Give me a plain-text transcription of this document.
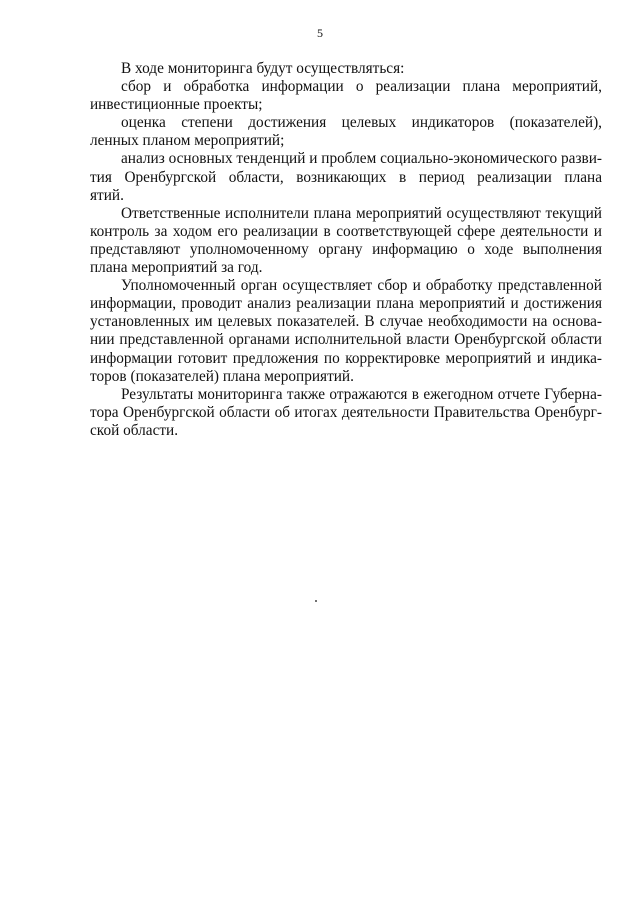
5
В ходе мониторинга будут осуществляться:
сбор и обработка информации о реализации плана мероприятий,
инвестиционные проекты;
оценка степени достижения целевых индикаторов (показателей),
ленных планом мероприятий;
анализ основных тенденций и проблем социально-экономического разви-
тия Оренбургской области, возникающих в период реализации плана
ятий.
Ответственные исполнители плана мероприятий осуществляют текущий
контроль за ходом его реализации в соответствующей сфере деятельности и
представляют уполномоченному органу информацию о ходе выполнения
плана мероприятий за год.
Уполномоченный орган осуществляет сбор и обработку представленной
информации, проводит анализ реализации плана мероприятий и достижения
установленных им целевых показателей. В случае необходимости на основа-
нии представленной органами исполнительной власти Оренбургской области
информации готовит предложения по корректировке мероприятий и индика-
торов (показателей) плана мероприятий.
Результаты мониторинга также отражаются в ежегодном отчете Губерна-
тора Оренбургской области об итогах деятельности Правительства Оренбург-
ской области.
